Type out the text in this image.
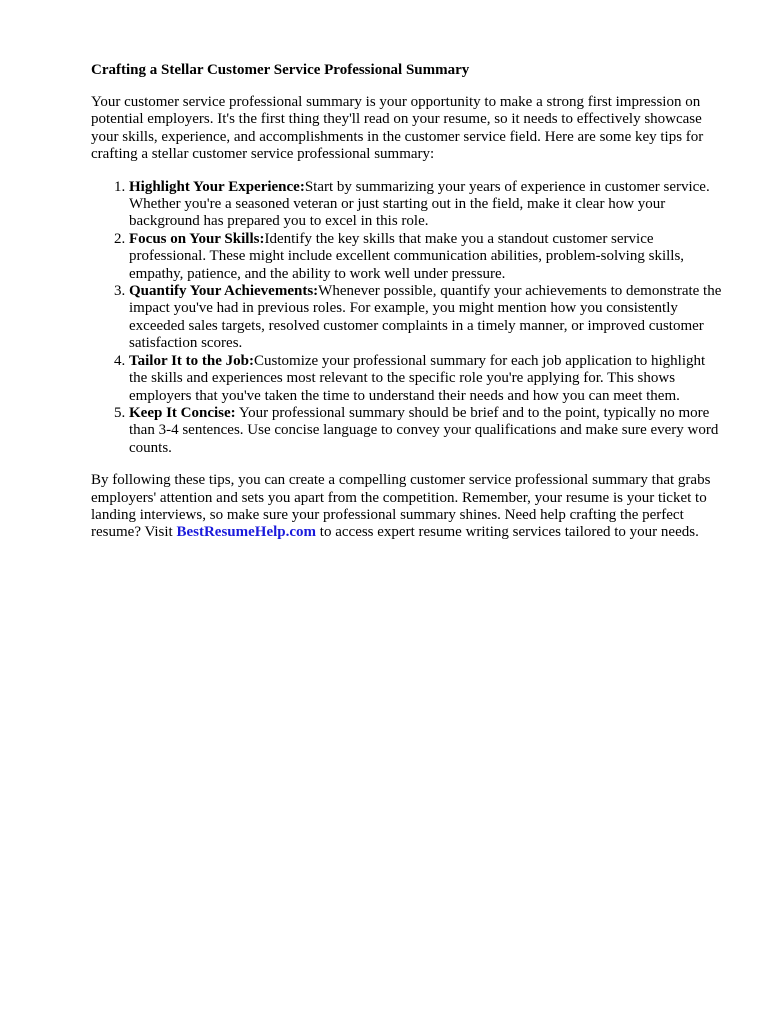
Crafting a Stellar Customer Service Professional Summary

Your customer service professional summary is your opportunity to make a strong first impression on potential employers. It's the first thing they'll read on your resume, so it needs to effectively showcase your skills, experience, and accomplishments in the customer service field. Here are some key tips for crafting a stellar customer service professional summary:

1. Highlight Your Experience:Start by summarizing your years of experience in customer service. Whether you're a seasoned veteran or just starting out in the field, make it clear how your background has prepared you to excel in this role.
2. Focus on Your Skills:Identify the key skills that make you a standout customer service professional. These might include excellent communication abilities, problem-solving skills, empathy, patience, and the ability to work well under pressure.
3. Quantify Your Achievements:Whenever possible, quantify your achievements to demonstrate the impact you've had in previous roles. For example, you might mention how you consistently exceeded sales targets, resolved customer complaints in a timely manner, or improved customer satisfaction scores.
4. Tailor It to the Job:Customize your professional summary for each job application to highlight the skills and experiences most relevant to the specific role you're applying for. This shows employers that you've taken the time to understand their needs and how you can meet them.
5. Keep It Concise: Your professional summary should be brief and to the point, typically no more than 3-4 sentences. Use concise language to convey your qualifications and make sure every word counts.

By following these tips, you can create a compelling customer service professional summary that grabs employers' attention and sets you apart from the competition. Remember, your resume is your ticket to landing interviews, so make sure your professional summary shines. Need help crafting the perfect resume? Visit BestResumeHelp.com to access expert resume writing services tailored to your needs.
